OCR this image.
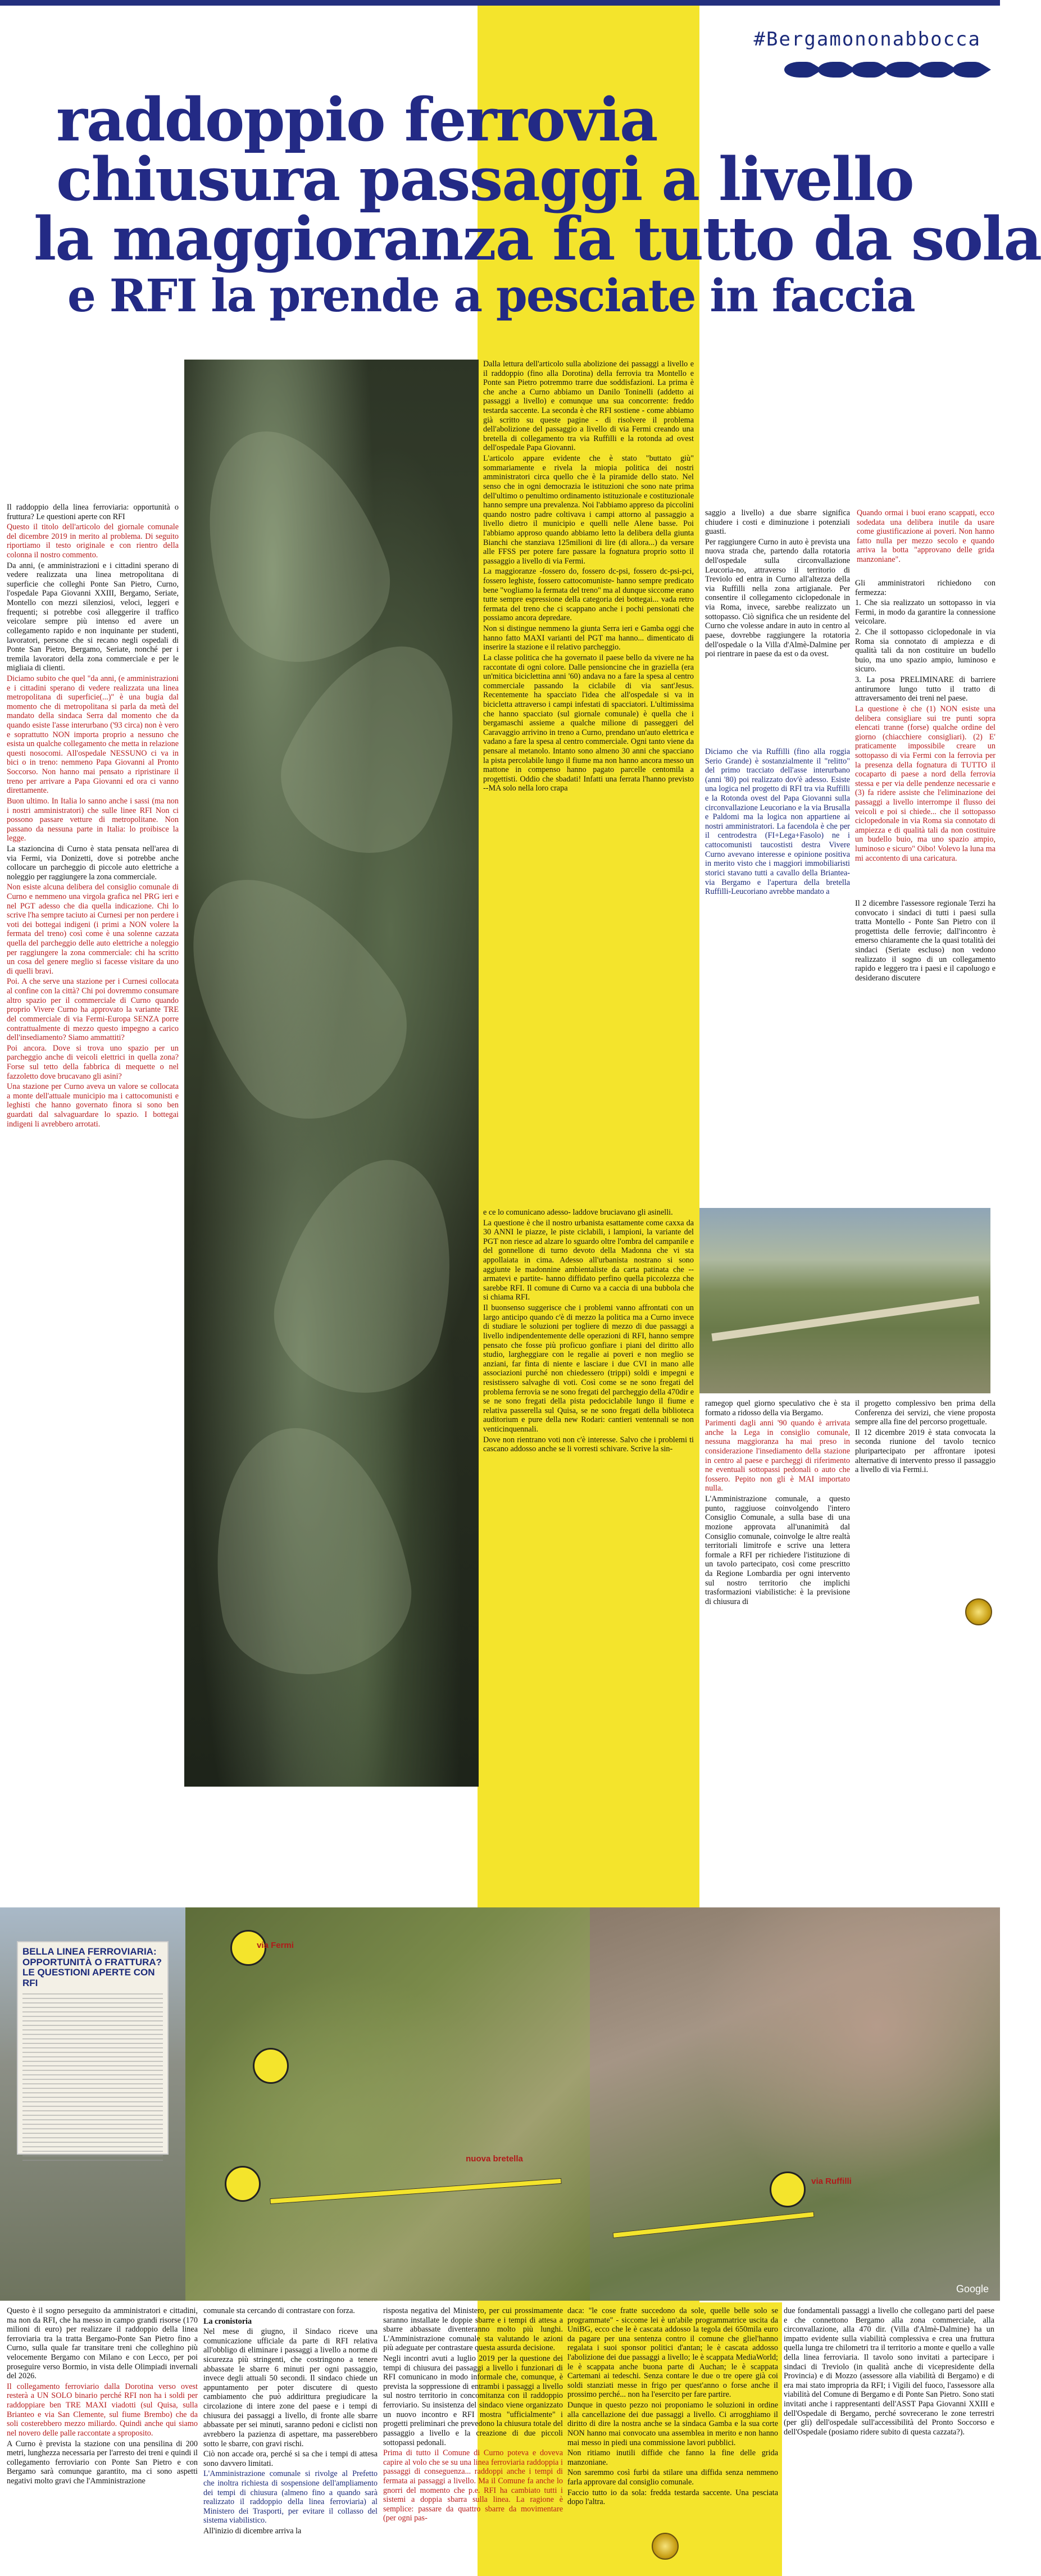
#Bergamononabbocca
raddoppio ferrovia
chiusura passaggi a livello
la maggioranza fa tutto da sola
e RFI la prende a pesciate in faccia
BELLA LINEA FERROVIARIA: OPPORTUNITÀ O FRATTURA? LE QUESTIONI APERTE CON RFI
via Fermi
nuova bretella
via Ruffilli
Google

Il raddoppio della linea ferroviaria: opportunità o fruttura? Le questioni aperte con RFI

Questo il titolo dell'articolo del giornale comunale del dicembre 2019 in merito al problema. Di seguito riportiamo il testo originale e con rientro della colonna il nostro commento.

Da anni, (e amministrazioni e i cittadini sperano di vedere realizzata una linea metropolitana di superficie che colleghi Ponte San Pietro, Curno, l'ospedale Papa Giovanni XXIII, Bergamo, Seriate, Montello con mezzi silenziosi, veloci, leggeri e frequenti; si potrebbe così alleggerire il traffico veicolare sempre più intenso ed avere un collegamento rapido e non inquinante per studenti, lavoratori, persone che si recano negli ospedali di Ponte San Pietro, Bergamo, Seriate, nonché per i tremila lavoratori della zona commerciale e per le migliaia di clienti.

Diciamo subito che quel "da anni, (e amministrazioni e i cittadini sperano di vedere realizzata una linea metropolitana di superficie(...)" è una bugia dal momento che di metropolitana si parla da metà del mandato della sindaca Serra dal momento che da quando esiste l'asse interurbano ('93 circa) non è vero e soprattutto NON importa proprio a nessuno che esista un qualche collegamento che metta in relazione questi nosocomi. All'ospedale NESSUNO ci va in bici o in treno: nemmeno Papa Giovanni al Pronto Soccorso. Non hanno mai pensato a ripristinare il treno per arrivare a Papa Giovanni ed ora ci vanno direttamente.

Buon ultimo. In Italia lo sanno anche i sassi (ma non i nostri amministratori) che sulle linee RFI Non ci possono passare vetture di metropolitane. Non passano da nessuna parte in Italia: lo proibisce la legge.

La stazioncina di Curno è stata pensata nell'area di via Fermi, via Donizetti, dove si potrebbe anche collocare un parcheggio di piccole auto elettriche a noleggio per raggiungere la zona commerciale.

Non esiste alcuna delibera del consiglio comunale di Curno e nemmeno una virgola grafica nel PRG ieri e nel PGT adesso che dia quella indicazione. Chi lo scrive l'ha sempre taciuto ai Curnesi per non perdere i voti dei bottegai indigeni (i primi a NON volere la fermata del treno) così come è una solenne cazzata quella del parcheggio delle auto elettriche a noleggio per raggiungere la zona commerciale: chi ha scritto un cosa del genere meglio si facesse visitare da uno di quelli bravi.

Poi. A che serve una stazione per i Curnesi collocata al confine con la città? Chi poi dovremmo consumare altro spazio per il commerciale di Curno quando proprio Vivere Curno ha approvato la variante TRE del commerciale di via Fermi-Europa SENZA porre contrattualmente di mezzo questo impegno a carico dell'insediamento? Siamo ammattiti?

Poi ancora. Dove si trova uno spazio per un parcheggio anche di veicoli elettrici in quella zona? Forse sul tetto della fabbrica di mequette o nel fazzoletto dove brucavano gli asini?

Una stazione per Curno aveva un valore se collocata a monte dell'attuale municipio ma i cattocomunisti e leghisti che hanno governato finora si sono ben guardati dal salvaguardare lo spazio. I bottegai indigeni li avrebbero arrotati.

Dalla lettura dell'articolo sulla abolizione dei passaggi a livello e il raddoppio (fino alla Dorotina) della ferrovia tra Montello e Ponte san Pietro potremmo trarre due soddisfazioni. La prima è che anche a Curno abbiamo un Danilo Toninelli (addetto ai passaggi a livello) e comunque una sua concorrente: freddo testarda saccente. La seconda è che RFI sostiene - come abbiamo già scritto su queste pagine - di risolvere il problema dell'abolizione del passaggio a livello di via Fermi creando una bretella di collegamento tra via Ruffilli e la rotonda ad ovest dell'ospedale Papa Giovanni.

L'articolo appare evidente che è stato "buttato giù" sommariamente e rivela la miopia politica dei nostri amministratori circa quello che è la piramide dello stato. Nel senso che in ogni democrazia le istituzioni che sono nate prima dell'ultimo o penultimo ordinamento istituzionale e costituzionale hanno sempre una prevalenza. Noi l'abbiamo appreso da piccolini quando nostro padre coltivava i campi attorno al passaggio a livello dietro il municipio e quelli nelle Alene basse. Poi l'abbiamo approso quando abbiamo letto la delibera della giunta Bianchi che stanziava 125milioni di lire (di allora...) da versare alle FFSS per potere fare passare la fognatura proprio sotto il passaggio a livello di via Fermi.

La maggioranze -fossero do, fossero dc-psi, fossero dc-psi-pci, fossero leghiste, fossero cattocomuniste- hanno sempre predicato bene "vogliamo la fermata del treno" ma al dunque siccome erano tutte sempre espressione della categoria dei bottegai... vada retro fermata del treno che ci scappano anche i pochi pensionati che possiamo ancora depredare.

Non si distingue nemmeno la giunta Serra ieri e Gamba oggi che hanno fatto MAXI varianti del PGT ma hanno... dimenticato di inserire la stazione e il relativo parcheggio.

La classe politica che ha governato il paese bello da vivere ne ha raccontate di ogni colore. Dalle pensioncine che in graziella (era un'mitica biciclettina anni '60) andava no a fare la spesa al centro commerciale passando la ciclabile di via sant'Jesus. Recentemente ha spacciato l'idea che all'ospedale si va in bicicletta attraverso i campi infestati di spacciatori. L'ultimissima che hanno spacciato (sul giornale comunale) è quella che i bergamaschi assieme a qualche milione di passeggeri del Caravaggio arrivino in treno a Curno, prendano un'auto elettrica e vadano a fare la spesa al centro commerciale. Ogni tanto viene da pensare al metanolo. Intanto sono almeno 30 anni che spacciano la pista percolabile lungo il fiume ma non hanno ancora messo un mattone in compenso hanno pagato parcelle centomila a progettisti. Oddio che sbadati! Infatti una ferrata l'hanno previsto --MA solo nella loro crapa

saggio a livello) a due sbarre significa chiudere i costi e diminuzione i potenziali guasti.

Per raggiungere Curno in auto è prevista una nuova strada che, partendo dalla rotatoria dell'ospedale sulla circonvallazione Leucoria-no, attraverso il territorio di Treviolo ed entra in Curno all'altezza della via Ruffilli nella zona artigianale. Per consentire il collegamento ciclopedonale in via Roma, invece, sarebbe realizzato un sottopasso. Ciò significa che un residente del Curno che volesse andare in auto in centro al paese, dovrebbe raggiungere la rotatoria dell'ospedale o la Villa d'Almè-Dalmine per poi rientrare in paese da est o da ovest.

Diciamo che via Ruffilli (fino alla roggia Serio Grande) è sostanzialmente il "relitto" del primo tracciato dell'asse interurbano (anni '80) poi realizzato dov'è adesso. Esiste una logica nel progetto di RFI tra via Ruffilli e la Rotonda ovest del Papa Giovanni sulla circonvallazione Leucoriano e la via Brusalla e Paldomi ma la logica non appartiene ai nostri amministratori. La facendola è che per il centrodestra (FI+Lega+Fasolo) ne i cattocomunisti taucostisti destra Vivere Curno avevano interesse e opinione positiva in merito visto che i maggiori immobiliaristi storici stavano tutti a cavallo della Briantea-via Bergamo e l'apertura della bretella Ruffilli-Leucoriano avrebbe mandato a

Quando ormai i buoi erano scappati, ecco sodedata una delibera inutile da usare come giustificazione ai poveri. Non hanno fatto nulla per mezzo secolo e quando arriva la botta "approvano delle grida manzoniane".

Gli amministratori richiedono con fermezza:

1. Che sia realizzato un sottopasso in via Fermi, in modo da garantire la connessione veicolare.

2. Che il sottopasso ciclopedonale in via Roma sia connotato di ampiezza e di qualità tali da non costituire un budello buio, ma uno spazio ampio, luminoso e sicuro.

3. La posa PRELIMINARE di barriere antirumore lungo tutto il tratto di attraversamento dei treni nel paese.

La questione è che (1) NON esiste una delibera consigliare sui tre punti sopra elencati tranne (forse) qualche ordine del giorno (chiacchiere consigliari). (2) E' praticamente impossibile creare un sottopasso di via Fermi con la ferrovia per la presenza della fognatura di TUTTO il cocaparto di paese a nord della ferrovia stessa e per via delle pendenze necessarie e (3) fa ridere assiste che l'eliminazione dei passaggi a livello interrompe il flusso dei veicoli e poi si chiede... che il sottopasso ciclopedonale in via Roma sia connotato di ampiezza e di qualità tali da non costituire un budello buio, ma uno spazio ampio, luminoso e sicuro" Oibo! Volevo la luna ma mi accontento di una caricatura.

Il 2 dicembre l'assessore regionale Terzi ha convocato i sindaci di tutti i paesi sulla tratta Montello - Ponte San Pietro con il progettista delle ferrovie; dall'incontro è emerso chiaramente che la quasi totalità dei sindaci (Seriate escluso) non vedono realizzato il sogno di un collegamento rapido e leggero tra i paesi e il capoluogo e desiderano discutere

e ce lo comunicano adesso- laddove bruciavano gli asinelli.

La questione è che il nostro urbanista esattamente come caxxa da 30 ANNI le piazze, le piste ciclabili, i lampioni, la variante del PGT non riesce ad alzare lo sguardo oltre l'ombra del campanile e del gonnellone di turno devoto della Madonna che vi sta appollaiata in cima. Adesso all'urbanista nostrano si sono aggiunte le madonnine ambientaliste da carta patinata che -- armatevi e partite- hanno diffidato perfino quella piccolezza che sarebbe RFI. Il comune di Curno va a caccia di una bubbola che si chiama RFI.

Il buonsenso suggerisce che i problemi vanno affrontati con un largo anticipo quando c'è di mezzo la politica ma a Curno invece di studiare le soluzioni per togliere di mezzo di due passaggi a livello indipendentemente delle operazioni di RFI, hanno sempre pensato che fosse più proficuo gonfiare i piani del diritto allo studio, largheggiare con le regalie ai poveri e non meglio se anziani, far finta di niente e lasciare i due CVI in mano alle associazioni purché non chiedessero (trippi) soldi e impegni e resistissero salvaghe di voti. Così come se ne sono fregati del problema ferrovia se ne sono fregati del parcheggio della 470dir e se ne sono fregati della pista pedociclabile lungo il fiume e relativa passerella sul Quisa, se ne sono fregati della biblioteca auditorium e pure della new Rodari: cantieri ventennali se non venticinquennali.

Dove non rientrano voti non c'è interesse. Salvo che i problemi ti cascano addosso anche se li vorresti schivare. Scrive la sin-

ramegop quel giorno speculativo che è sta formato a ridosso della via Bergamo.

Parimenti dagli anni '90 quando è arrivata anche la Lega in consiglio comunale, nessuna maggioranza ha mai preso in considerazione l'insediamento della stazione in centro al paese e parcheggi di riferimento ne eventuali sottopassi pedonali o auto che fossero. Pepito non gli è MAI importato nulla.

L'Amministrazione comunale, a questo punto, raggiuose coinvolgendo l'intero Consiglio Comunale, a sulla base di una mozione approvata all'unanimità dal Consiglio comunale, coinvolge le altre realtà territoriali limitrofe e scrive una lettera formale a RFI per richiedere l'istituzione di un tavolo partecipato, così come prescritto da Regione Lombardia per ogni intervento sul nostro territorio che implichi trasformazioni viabilistiche: è la previsione di chiusura di

il progetto complessivo ben prima della Conferenza dei servizi, che viene proposta sempre alla fine del percorso progettuale.

Il 12 dicembre 2019 è stata convocata la seconda riunione del tavolo tecnico pluripartecipato per affrontare ipotesi alternative di intervento presso il passaggio a livello di via Fermi.i.

Questo è il sogno perseguito da amministratori e cittadini, ma non da RFI, che ha messo in campo grandi risorse (170 milioni di euro) per realizzare il raddoppio della linea ferroviaria tra la tratta Bergamo-Ponte San Pietro fino a Curno, sulla quale far transitare treni che colleghino più velocemente Bergamo con Milano e con Lecco, per poi proseguire verso Bormio, in vista delle Olimpiadi invernali del 2026.

Il collegamento ferroviario dalla Dorotina verso ovest resterà a UN SOLO binario perché RFI non ha i soldi per raddoppiare ben TRE MAXI viadotti (sul Quisa, sulla Brianteo e via San Clemente, sul fiume Brembo) che da soli costerebbero mezzo miliardo. Quindi anche qui siamo nel novero delle palle raccontate a sproposito.

A Curno è prevista la stazione con una pensilina di 200 metri, lunghezza necessaria per l'arresto dei treni e quindi il collegamento ferroviario con Ponte San Pietro e con Bergamo sarà comunque garantito, ma ci sono aspetti negativi molto gravi che l'Amministrazione

comunale sta cercando di contrastare con forza.

La cronistoria

Nel mese di giugno, il Sindaco riceve una comunicazione ufficiale da parte di RFI relativa all'obbligo di eliminare i passaggi a livello a norme di sicurezza più stringenti, che costringono a tenere abbassate le sbarre 6 minuti per ogni passaggio, invece degli attuali 50 secondi. Il sindaco chiede un appuntamento per poter discutere di questo cambiamento che può addirittura pregiudicare la circolazione di intere zone del paese e i tempi di chiusura dei passaggi a livello, di fronte alle sbarre abbassate per sei minuti, saranno pedoni e ciclisti non avrebbero la pazienza di aspettare, ma passerebbero sotto le sbarre, con gravi rischi.

Ciò non accade ora, perché si sa che i tempi di attesa sono davvero limitati.

L'Amministrazione comunale si rivolge al Prefetto che inoltra richiesta di sospensione dell'ampliamento dei tempi di chiusura (almeno fino a quando sarà realizzato il raddoppio della linea ferroviaria) al Ministero dei Trasporti, per evitare il collasso del sistema viabilistico.

All'inizio di dicembre arriva la

risposta negativa del Ministero, per cui prossimamente saranno installate le doppie sbarre e i tempi di attesa a sbarre abbassate diventeranno molto più lunghi. L'Amministrazione comunale sta valutando le azioni più adeguate per contrastare questa assurda decisione.

Negli incontri avuti a luglio 2019 per la questione dei tempi di chiusura dei passaggi a livello i funzionari di RFI comunicano in modo informale che, comunque, è prevista la soppressione di entrambi i passaggi a livello sul nostro territorio in concomitanza con il raddoppio ferroviario. Su insistenza del sindaco viene organizzato un nuovo incontro e RFI mostra "ufficialmente" i progetti preliminari che prevedono la chiusura totale del passaggio a livello e la creazione di due piccoli sottopassi pedonali.

Prima di tutto il Comune di Curno poteva e doveva capire al volo che se su una linea ferroviaria raddoppia i passaggi di conseguenza... raddoppi anche i tempi di fermata ai passaggi a livello. Ma il Comune fa anche lo gnorri del momento che p.e. RFI ha cambiato tutti i sistemi a doppia sbarra sulla linea. La ragione è semplice: passare da quattro sbarre da movimentare (per ogni pas-

daca: "le cose fratte succedono da sole, quelle belle solo se programmate" - siccome lei è un'abile programmatrice uscita da UniBG, ecco che le è cascata addosso la tegola dei 650mila euro da pagare per una sentenza contro il comune che gliel'hanno regalata i suoi sponsor politici d'antan; le è cascata addosso l'abolizione dei due passaggi a livello; le è scappata MediaWorld; le è scappata anche buona parte di Auchan; le è scappata Cartemani ai tedeschi. Senza contare le due o tre opere già coi soldi stanziati messe in frigo per quest'anno o forse anche il prossimo perché... non ha l'esercito per fare partire.

Dunque in questo pezzo noi proponiamo le soluzioni in ordine alla cancellazione dei due passaggi a livello. Ci arrogghiamo il diritto di dire la nostra anche se la sindaca Gamba e la sua corte NON hanno mai convocato una assemblea in merito e non hanno mai messo in piedi una commissione lavori pubblici.

Non ritiamo inutili diffide che fanno la fine delle grida manzoniane.

Non saremmo così furbi da stilare una diffida senza nemmeno farla approvare dal consiglio comunale.

Faccio tutto io da sola: fredda testarda saccente. Una pesciata dopo l'altra.

due fondamentali passaggi a livello che collegano parti del paese e che connettono Bergamo alla zona commerciale, alla circonvallazione, alla 470 dir. (Villa d'Almè-Dalmine) ha un impatto evidente sulla viabilità complessiva e crea una fruttura quella lunga tre chilometri tra il territorio a monte e quello a valle della linea ferroviaria. Il tavolo sono invitati a partecipare i sindaci di Treviolo (in qualità anche di vicepresidente della Provincia) e di Mozzo (assessore alla viabilità di Bergamo) e di era mai stato impropria da RFI; i Vigili del fuoco, l'assessore alla viabilità del Comune di Bergamo e di Ponte San Pietro. Sono stati invitati anche i rappresentanti dell'ASST Papa Giovanni XXIII e dell'Ospedale di Bergamo, perché sovrecerano le zone terrestri (per gli) dell'ospedale sull'accessibilità del Pronto Soccorso e dell'Ospedale (posiamo ridere subito di questa cazzata?).
